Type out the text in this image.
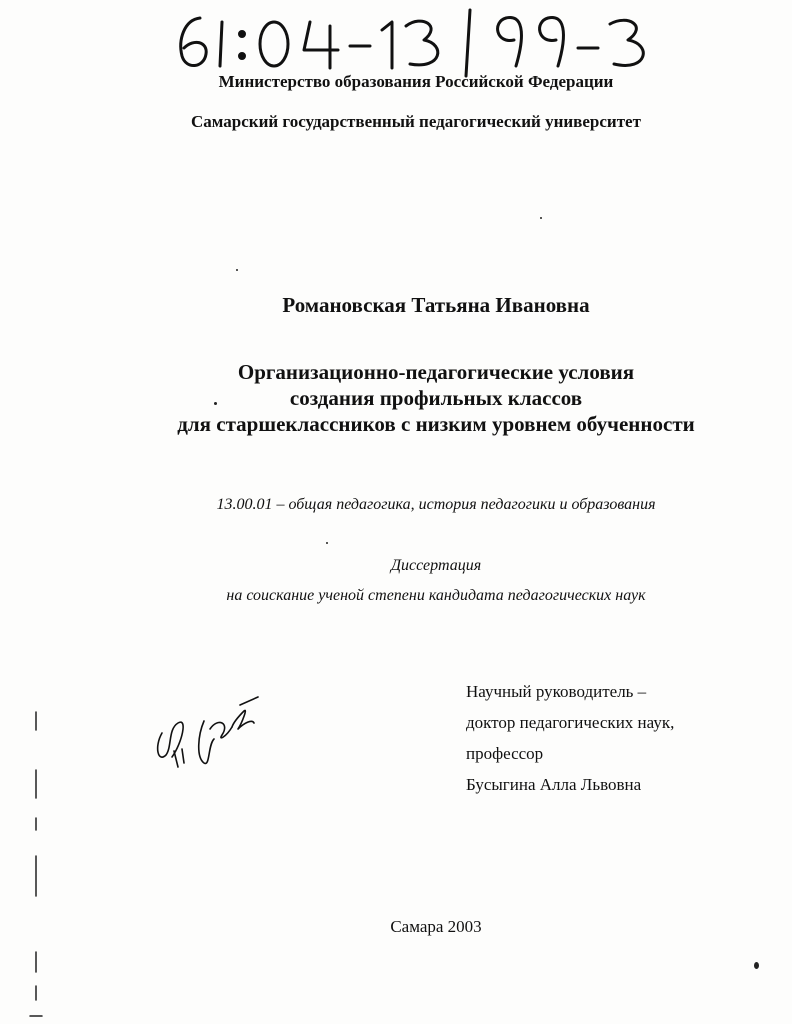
Министерство образования Российской Федерации
Самарский государственный педагогический университет
Романовская Татьяна Ивановна
Организационно-педагогические условия
создания профильных классов
для старшеклассников с низким уровнем обученности
13.00.01 – общая педагогика, история педагогики и образования
Диссертация
на соискание ученой степени кандидата педагогических наук
Научный руководитель –
доктор педагогических наук,
профессор
Бусыгина Алла Львовна
Самара 2003
